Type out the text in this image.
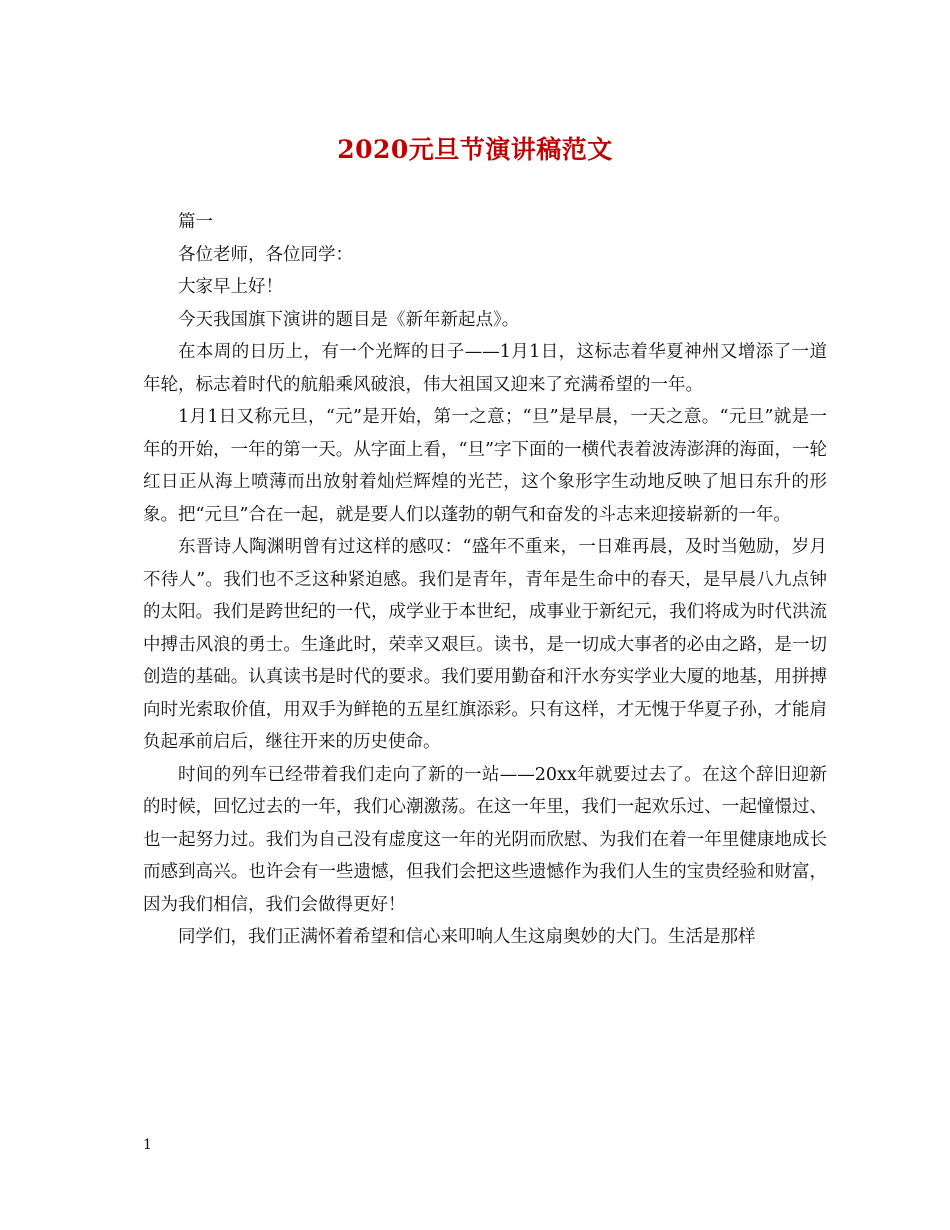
2020元旦节演讲稿范文

篇一

各位老师，各位同学：

大家早上好！

今天我国旗下演讲的题目是《新年新起点》。

在本周的日历上，有一个光辉的日子——1月1日，这标志着华夏神州又增添了一道年轮，标志着时代的航船乘风破浪，伟大祖国又迎来了充满希望的一年。

1月1日又称元旦，“元”是开始，第一之意；“旦”是早晨，一天之意。“元旦”就是一年的开始，一年的第一天。从字面上看，“旦”字下面的一横代表着波涛澎湃的海面，一轮红日正从海上喷薄而出放射着灿烂辉煌的光芒，这个象形字生动地反映了旭日东升的形象。把“元旦”合在一起，就是要人们以蓬勃的朝气和奋发的斗志来迎接崭新的一年。

东晋诗人陶渊明曾有过这样的感叹：“盛年不重来，一日难再晨，及时当勉励，岁月不待人”。我们也不乏这种紧迫感。我们是青年，青年是生命中的春天，是早晨八九点钟的太阳。我们是跨世纪的一代，成学业于本世纪，成事业于新纪元，我们将成为时代洪流中搏击风浪的勇士。生逢此时，荣幸又艰巨。读书，是一切成大事者的必由之路，是一切创造的基础。认真读书是时代的要求。我们要用勤奋和汗水夯实学业大厦的地基，用拼搏向时光索取价值，用双手为鲜艳的五星红旗添彩。只有这样，才无愧于华夏子孙，才能肩负起承前启后，继往开来的历史使命。

时间的列车已经带着我们走向了新的一站——20xx年就要过去了。在这个辞旧迎新的时候，回忆过去的一年，我们心潮激荡。在这一年里，我们一起欢乐过、一起憧憬过、也一起努力过。我们为自己没有虚度这一年的光阴而欣慰、为我们在着一年里健康地成长而感到高兴。也许会有一些遗憾，但我们会把这些遗憾作为我们人生的宝贵经验和财富，因为我们相信，我们会做得更好！

同学们，我们正满怀着希望和信心来叩响人生这扇奥妙的大门。生活是那样

1
